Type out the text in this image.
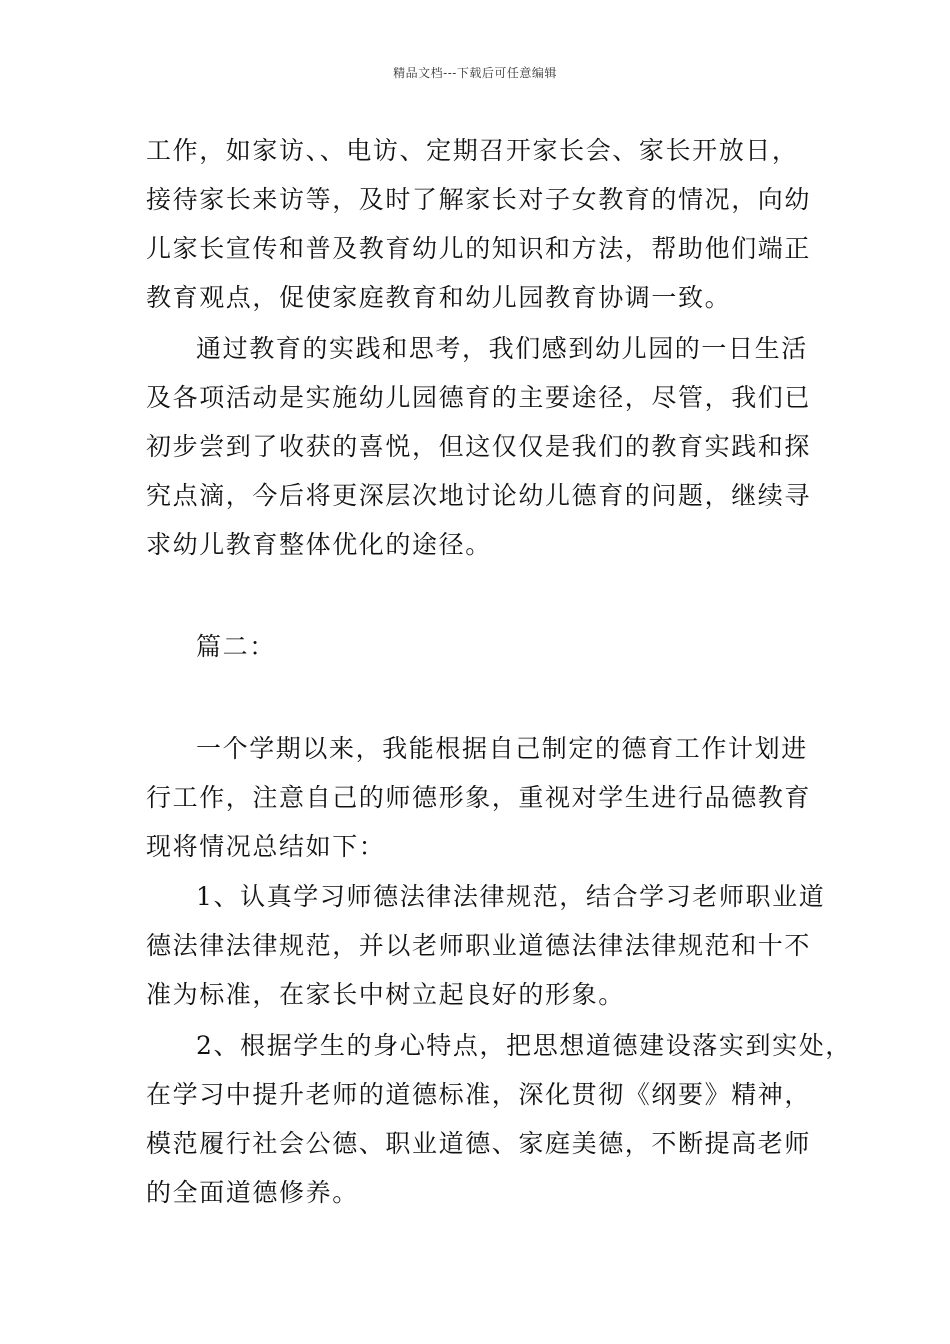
精品文档---下载后可任意编辑
工作，如家访、、电访、定期召开家长会、家长开放日，
接待家长来访等，及时了解家长对子女教育的情况，向幼
儿家长宣传和普及教育幼儿的知识和方法，帮助他们端正
教育观点，促使家庭教育和幼儿园教育协调一致。
通过教育的实践和思考，我们感到幼儿园的一日生活
及各项活动是实施幼儿园德育的主要途径，尽管，我们已
初步尝到了收获的喜悦，但这仅仅是我们的教育实践和探
究点滴，今后将更深层次地讨论幼儿德育的问题，继续寻
求幼儿教育整体优化的途径。
篇二：
一个学期以来，我能根据自己制定的德育工作计划进
行工作，注意自己的师德形象，重视对学生进行品德教育
现将情况总结如下：
1、认真学习师德法律法律规范，结合学习老师职业道
德法律法律规范，并以老师职业道德法律法律规范和十不
准为标准，在家长中树立起良好的形象。
2、根据学生的身心特点，把思想道德建设落实到实处，
在学习中提升老师的道德标准，深化贯彻《纲要》精神，
模范履行社会公德、职业道德、家庭美德，不断提高老师
的全面道德修养。
